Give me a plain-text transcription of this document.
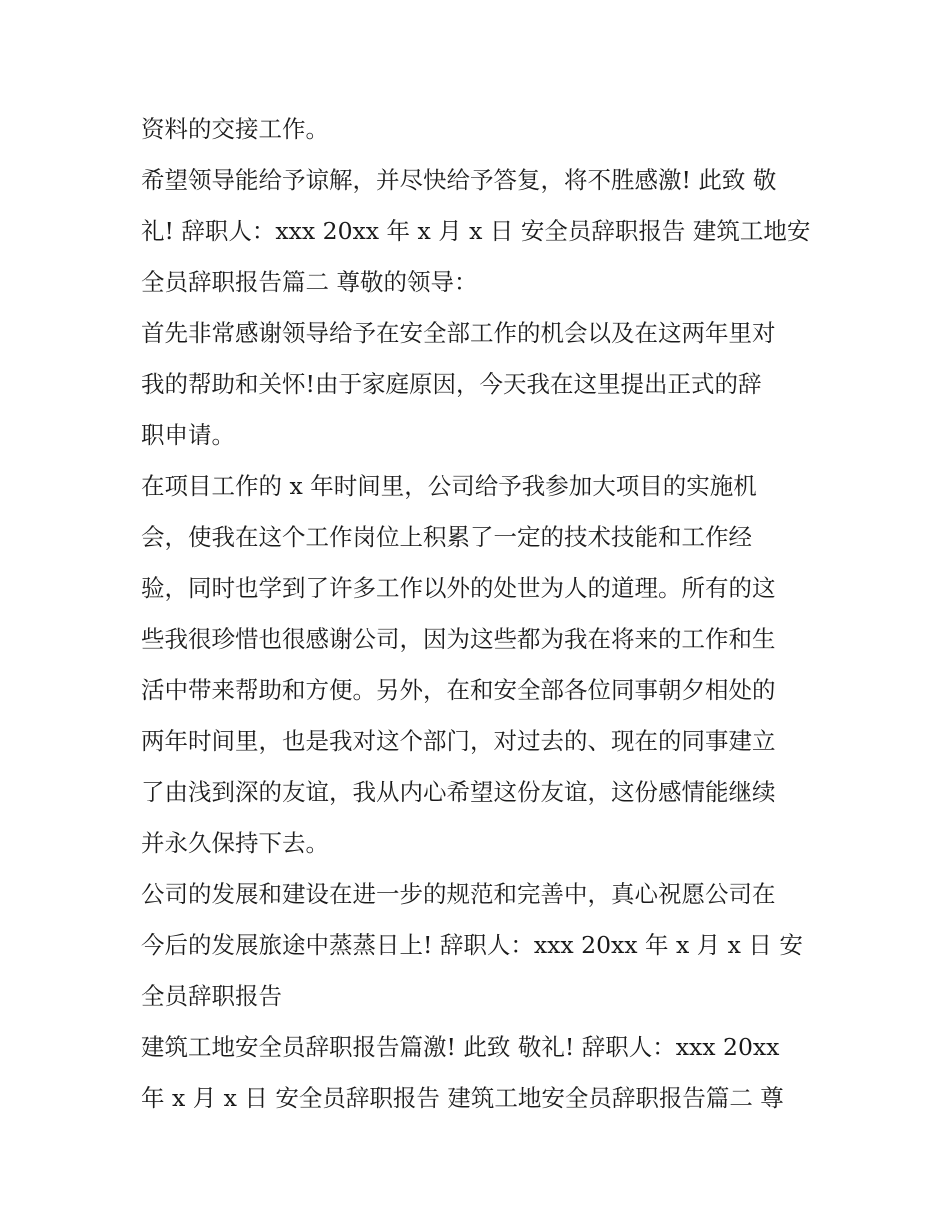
资料的交接工作。
希望领导能给予谅解，并尽快给予答复，将不胜感激! 此致 敬
礼! 辞职人：xxx 20xx 年 x 月 x 日 安全员辞职报告 建筑工地安
全员辞职报告篇二 尊敬的领导：
首先非常感谢领导给予在安全部工作的机会以及在这两年里对
我的帮助和关怀!由于家庭原因，今天我在这里提出正式的辞
职申请。
在项目工作的 x 年时间里，公司给予我参加大项目的实施机
会，使我在这个工作岗位上积累了一定的技术技能和工作经
验，同时也学到了许多工作以外的处世为人的道理。所有的这
些我很珍惜也很感谢公司，因为这些都为我在将来的工作和生
活中带来帮助和方便。另外，在和安全部各位同事朝夕相处的
两年时间里，也是我对这个部门，对过去的、现在的同事建立
了由浅到深的友谊，我从内心希望这份友谊，这份感情能继续
并永久保持下去。
公司的发展和建设在进一步的规范和完善中，真心祝愿公司在
今后的发展旅途中蒸蒸日上! 辞职人：xxx 20xx 年 x 月 x 日 安
全员辞职报告
建筑工地安全员辞职报告篇激! 此致 敬礼! 辞职人：xxx 20xx
年 x 月 x 日 安全员辞职报告 建筑工地安全员辞职报告篇二 尊
